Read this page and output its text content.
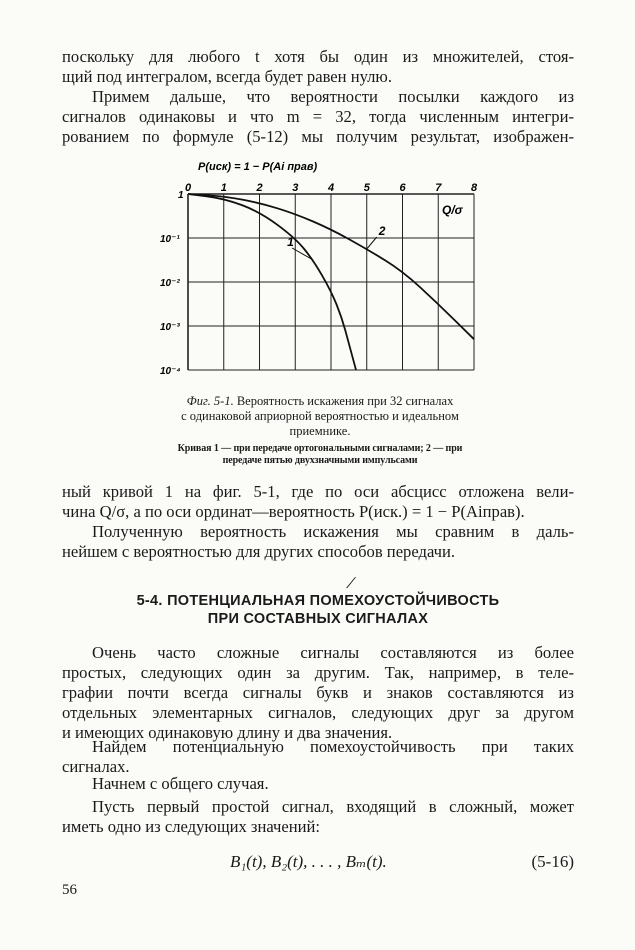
поскольку для любого t хотя бы один из множителей, стоя-
щий под интегралом, всегда будет равен нулю.

Примем дальше, что вероятности посылки каждого из
сигналов одинаковы и что m = 32, тогда численным интегри-
рованием по формуле (5-12) мы получим результат, изображен-

P(иск) = 1 − P(Ai прав)
0	1	2	3	4	5	6	7	8
1
10⁻¹
10⁻²
10⁻³
10⁻⁴
1
2
Q/σ
Фиг. 5-1. Вероятность искажения при 32 сигналах
с одинаковой априорной вероятностью и идеальном
приемнике.
Кривая 1 — при передаче ортогональными сигналами; 2 — при
передаче пятью двухзначными импульсами

ный кривой 1 на фиг. 5-1, где по оси абсцисс отложена вели-
чина Q/σ, а по оси ординат—вероятность P(иск.) = 1 − P(Aiправ).

Полученную вероятность искажения мы сравним в даль-
нейшем с вероятностью для других способов передачи.

/
5-4. ПОТЕНЦИАЛЬНАЯ ПОМЕХОУСТОЙЧИВОСТЬ
ПРИ СОСТАВНЫХ СИГНАЛАХ

Очень часто сложные сигналы составляются из более
простых, следующих один за другим. Так, например, в теле-
графии почти всегда сигналы букв и знаков составляются из
отдельных элементарных сигналов, следующих друг за другом
и имеющих одинаковую длину и два значения.

Найдем потенциальную помехоустойчивость при таких
сигналах.

Начнем с общего случая.

Пусть первый простой сигнал, входящий в сложный, может
иметь одно из следующих значений:

B₁(t), B₂(t), . . . , Bₘ(t).	(5-16)
56
